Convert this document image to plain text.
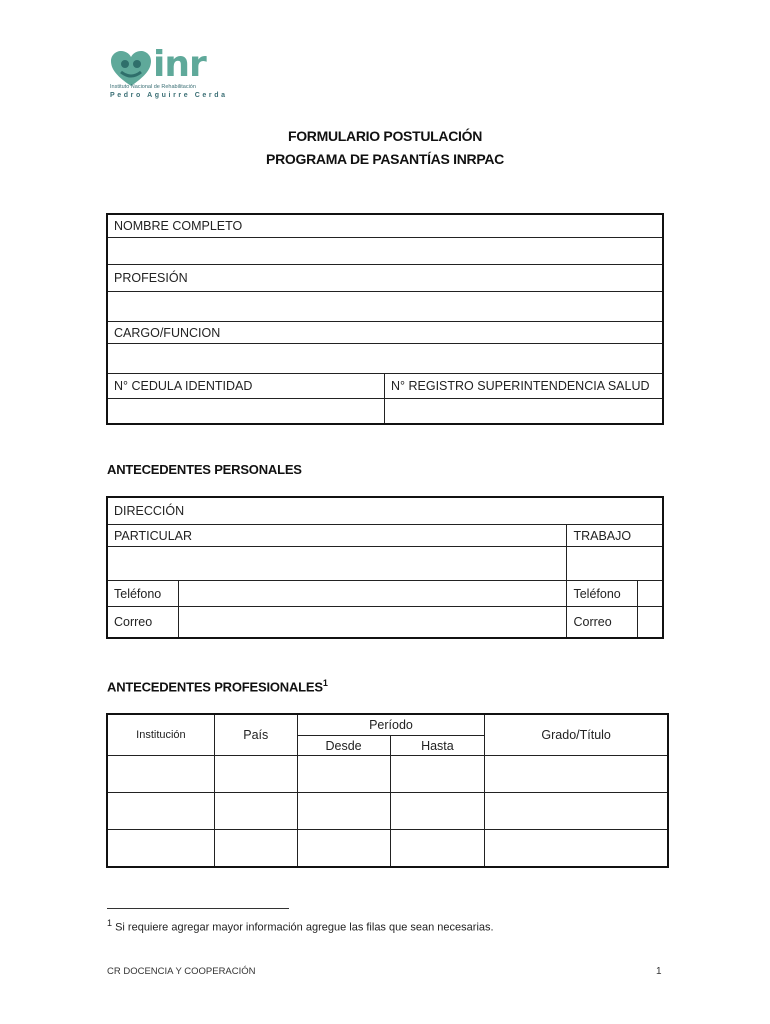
inr
Instituto Nacional de Rehabilitación
Pedro Aguirre Cerda
FORMULARIO POSTULACIÓN
PROGRAMA DE PASANTÍAS INRPAC
NOMBRE COMPLETO	

PROFESIÓN	

CARGO/FUNCION	

N° CEDULA IDENTIDAD	N° REGISTRO SUPERINTENDENCIA SALUD

ANTECEDENTES PERSONALES
DIRECCIÓN			
PARTICULAR		TRABAJO	

Teléfono		Teléfono	
Correo		Correo	
ANTECEDENTES PROFESIONALES$^1$
Institución	País	Período		Grado/Título
		Desde	Hasta	

$^1$ Si requiere agregar mayor información agregue las filas que sean necesarias.
CR DOCENCIA Y COOPERACIÓN	1
